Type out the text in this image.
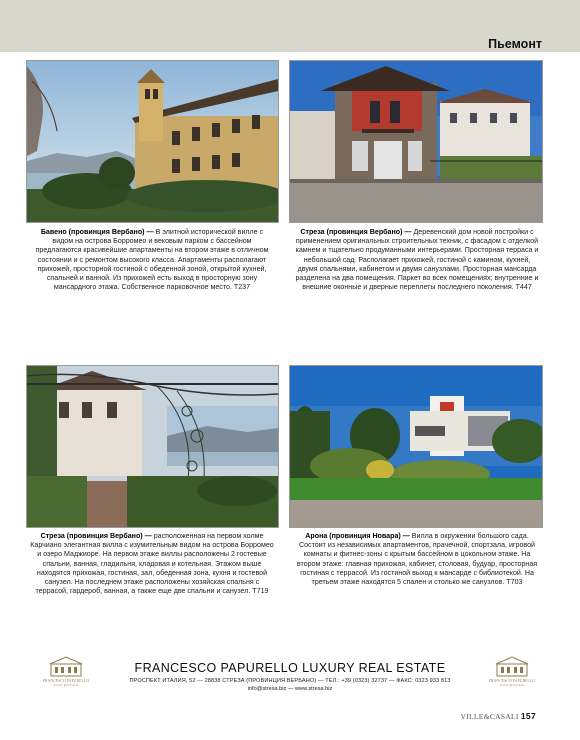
Пьемонт
Бавено (провинция Вербано) — В элитной исторической вилле с видом на острова Борромео и вековым парком с бассейном предлагаются красивейшие апартаменты на втором этаже в отличном состоянии и с ремонтом высокого класса. Апартаменты располагают прихожей, просторной гостиной с обеденной зоной, открытой кухней, спальней и ванной. Из прихожей есть выход в просторную зону мансардного этажа. Собственное парковочное место. T237
Стреза (провинция Вербано) — Деревенский дом новой постройки с применением оригинальных строительных техник, с фасадом с отделкой камнем и тщательно продуманными интерьерами. Просторная терраса и небольшой сад. Располагает прихожей, гостиной с камином, кухней, двумя спальнями, кабинетом и двумя санузлами. Просторная мансарда разделена на два помещения. Паркет во всех помещениях; внутренние и внешние оконные и дверные переплеты последнего поколения. T447
Стреза (провинция Вербано) — расположенная на первом холме Карчиано элегантная вилла с изумительным видом на острова Борромео и озеро Маджиоре. На первом этаже виллы расположены 2 гостевые спальни, ванная, гладильня, кладовая и котельная. Этажом выше находятся прихожая, гостиная, зал, обеденная зона, кухня и гостевой санузел. На последнем этаже расположены хозяйская спальня с террасой, гардероб, ванная, а также еще две спальни и санузел. T719
Арона (провинция Новара) — Вилла в окружении большого сада. Состоит из независимых апартаментов, прачечной, спортзала, игровой комнаты и фитнес-зоны с крытым бассейном в цокольном этаже. На втором этаже: главная прихожая, кабинет, столовая, будуар, просторная гостиная с террасой. Из гостиной выход к мансарде с библиотекой. На третьем этаже находятся 5 спален и столько же санузлов. T703
FRANCESCO PAPURELLO
Luxury Real Estate
FRANCESCO PAPURELLO LUXURY REAL ESTATE
ПРОСПЕКТ ИТАЛИЯ, 52 — 28838 СТРЕЗА (ПРОВИНЦИЯ ВЕРБАНО) — ТЕЛ.: +39 (0323) 32737 — ФАКС: 0323 933 813
info@stresa.biz — www.stresa.biz
FRANCESCO PAPURELLO
Luxury Real Estate
VILLE&CASALI 157
